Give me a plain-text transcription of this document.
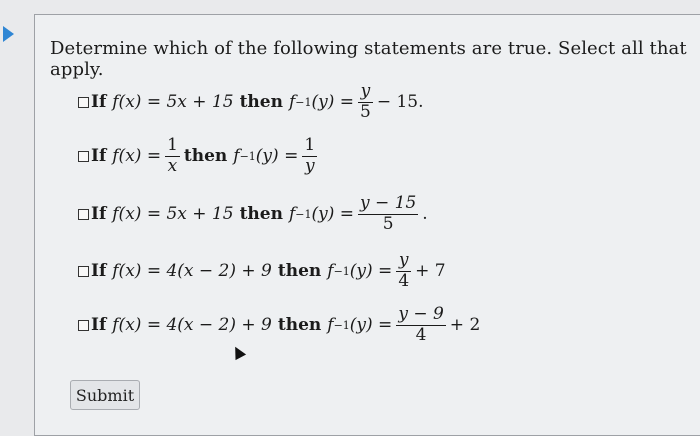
Determine which of the following statements are true. Select all that apply.
If f(x) = 5x + 15 then f −1 $(y) = \frac{y}{5} - 15$.
If $f(x) = \frac{1}{x}$ then f −1 $(y) = \frac{1}{y}$
If f(x) = 5x + 15 then f −1 $(y) = \frac{y - 15}{5}$ .
If f(x) = 4(x − 2) + 9 then f −1 $(y) = \frac{y}{4} + 7$
If f(x) = 4(x − 2) + 9 then f −1 $(y) = \frac{y - 9}{4} + 2$
Submit
